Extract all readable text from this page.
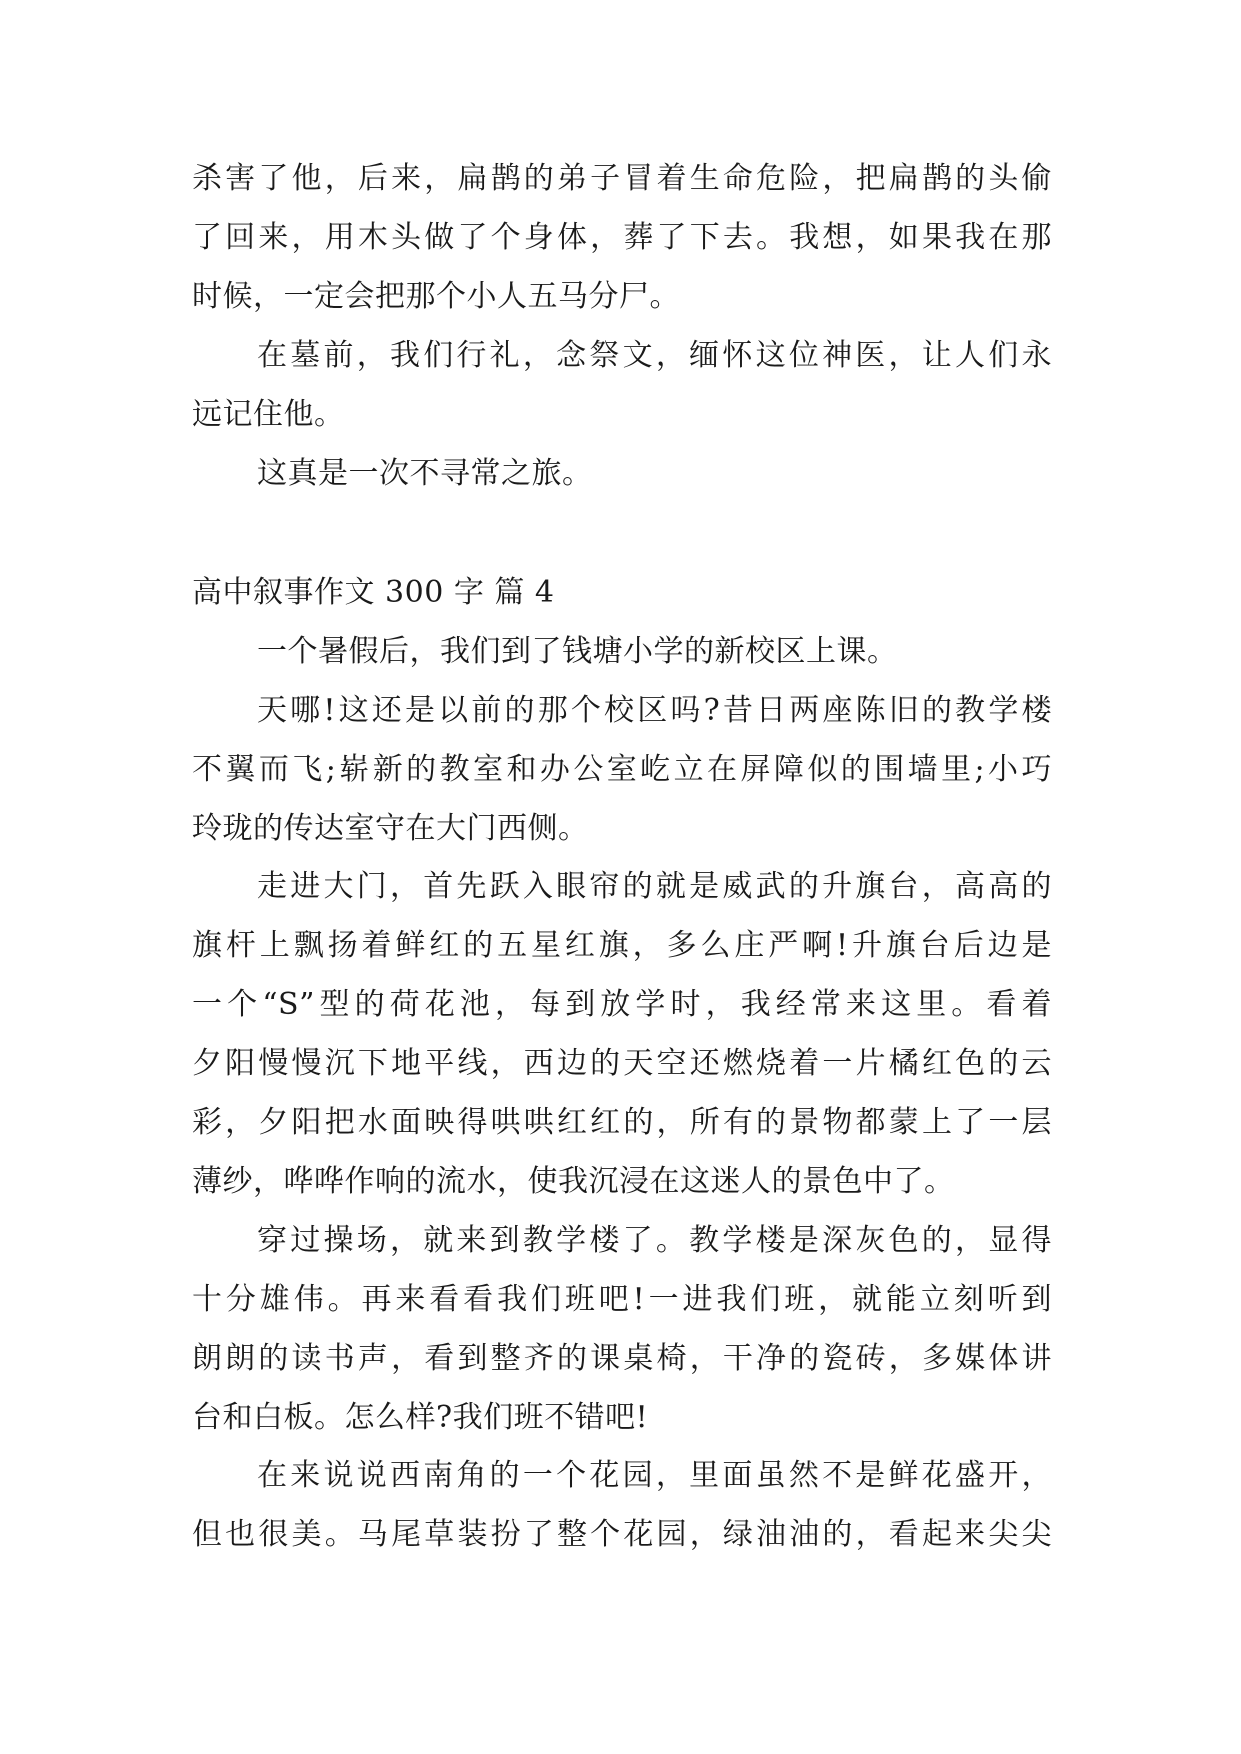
杀害了他，后来，扁鹊的弟子冒着生命危险，把扁鹊的头偷
了回来，用木头做了个身体，葬了下去。我想，如果我在那
时候，一定会把那个小人五马分尸。
在墓前，我们行礼，念祭文，缅怀这位神医，让人们永
远记住他。
这真是一次不寻常之旅。
高中叙事作文 300 字 篇 4
一个暑假后，我们到了钱塘小学的新校区上课。
天哪!这还是以前的那个校区吗?昔日两座陈旧的教学楼
不翼而飞;崭新的教室和办公室屹立在屏障似的围墙里;小巧
玲珑的传达室守在大门西侧。
走进大门，首先跃入眼帘的就是威武的升旗台，高高的
旗杆上飘扬着鲜红的五星红旗，多么庄严啊!升旗台后边是
一个“S”型的荷花池，每到放学时，我经常来这里。看着
夕阳慢慢沉下地平线，西边的天空还燃烧着一片橘红色的云
彩，夕阳把水面映得哄哄红红的，所有的景物都蒙上了一层
薄纱，哗哗作响的流水，使我沉浸在这迷人的景色中了。
穿过操场，就来到教学楼了。教学楼是深灰色的，显得
十分雄伟。再来看看我们班吧!一进我们班，就能立刻听到
朗朗的读书声，看到整齐的课桌椅，干净的瓷砖，多媒体讲
台和白板。怎么样?我们班不错吧!
在来说说西南角的一个花园，里面虽然不是鲜花盛开，
但也很美。马尾草装扮了整个花园，绿油油的，看起来尖尖
